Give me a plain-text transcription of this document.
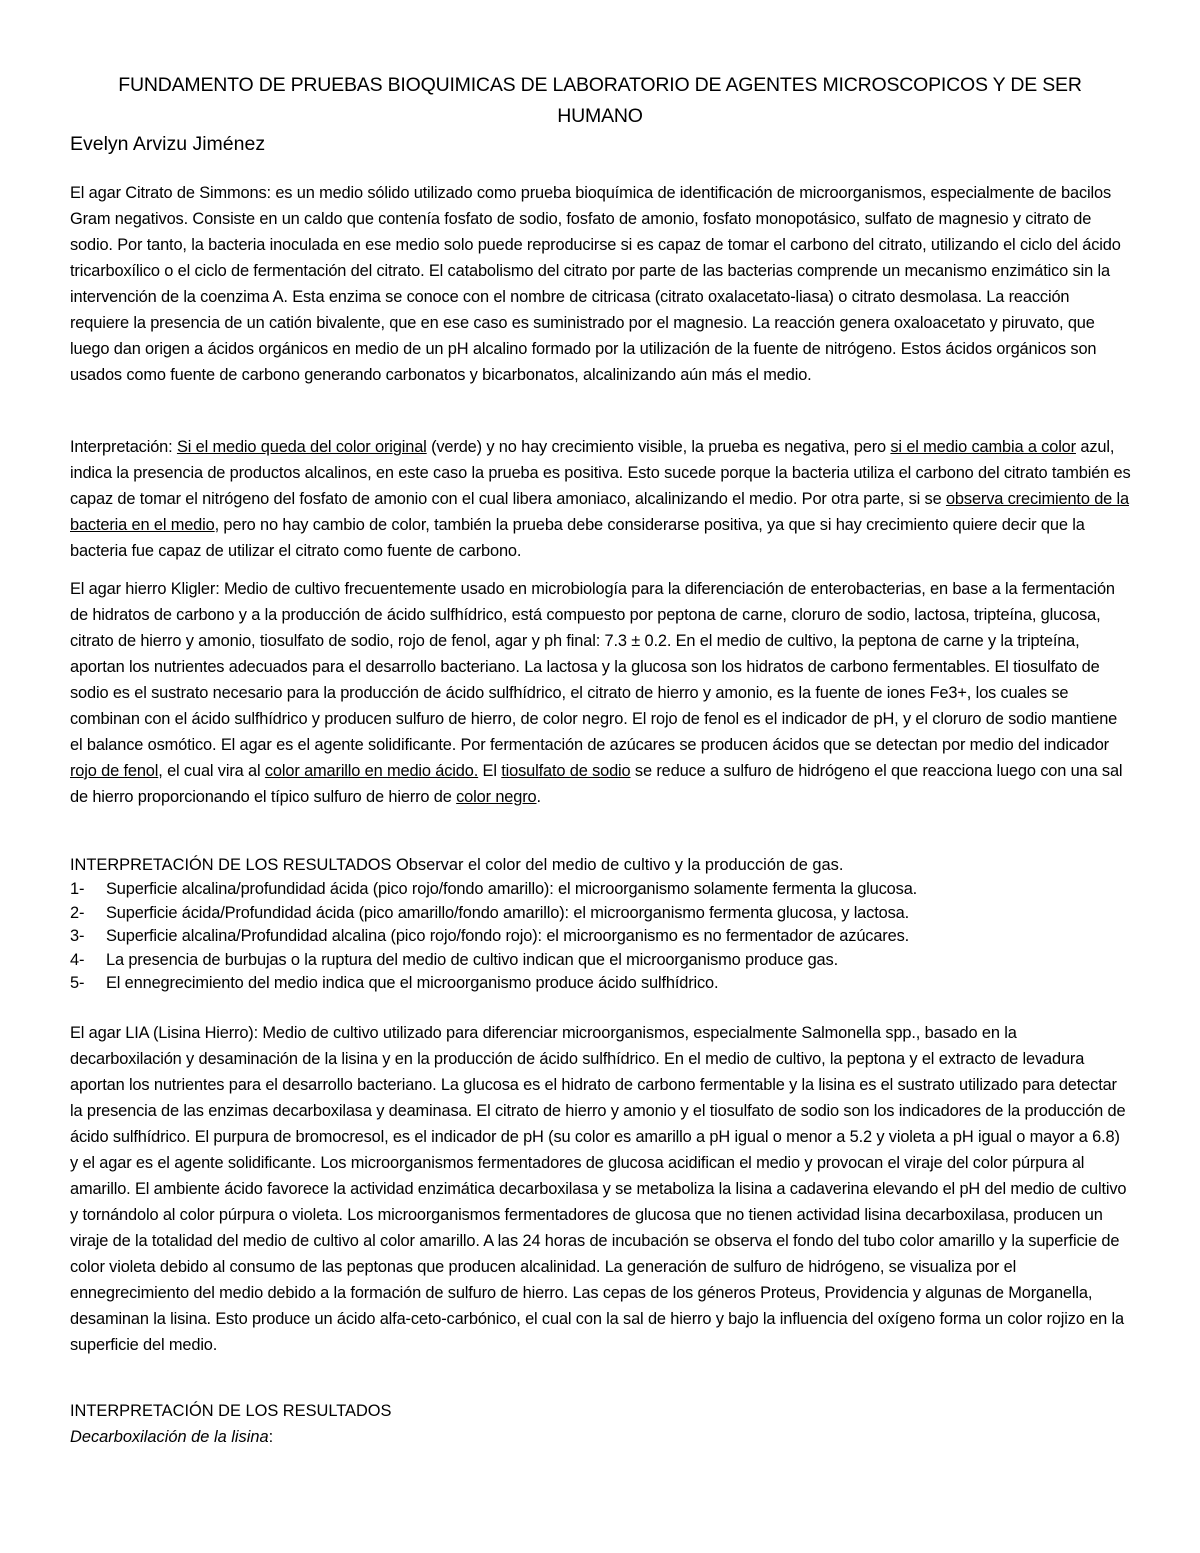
FUNDAMENTO DE PRUEBAS BIOQUIMICAS DE LABORATORIO DE AGENTES MICROSCOPICOS Y DE SER HUMANO
Evelyn Arvizu Jiménez

El agar Citrato de Simmons: es un medio sólido utilizado como prueba bioquímica de identificación de microorganismos, especialmente de bacilos Gram negativos. Consiste en un caldo que contenía fosfato de sodio, fosfato de amonio, fosfato monopotásico, sulfato de magnesio y citrato de sodio. Por tanto, la bacteria inoculada en ese medio solo puede reproducirse si es capaz de tomar el carbono del citrato, utilizando el ciclo del ácido tricarboxílico o el ciclo de fermentación del citrato. El catabolismo del citrato por parte de las bacterias comprende un mecanismo enzimático sin la intervención de la coenzima A. Esta enzima se conoce con el nombre de citricasa (citrato oxalacetato-liasa) o citrato desmolasa. La reacción requiere la presencia de un catión bivalente, que en ese caso es suministrado por el magnesio. La reacción genera oxaloacetato y piruvato, que luego dan origen a ácidos orgánicos en medio de un pH alcalino formado por la utilización de la fuente de nitrógeno. Estos ácidos orgánicos son usados como fuente de carbono generando carbonatos y bicarbonatos, alcalinizando aún más el medio.

Interpretación: Si el medio queda del color original (verde) y no hay crecimiento visible, la prueba es negativa, pero si el medio cambia a color azul, indica la presencia de productos alcalinos, en este caso la prueba es positiva. Esto sucede porque la bacteria utiliza el carbono del citrato también es capaz de tomar el nitrógeno del fosfato de amonio con el cual libera amoniaco, alcalinizando el medio. Por otra parte, si se observa crecimiento de la bacteria en el medio, pero no hay cambio de color, también la prueba debe considerarse positiva, ya que si hay crecimiento quiere decir que la bacteria fue capaz de utilizar el citrato como fuente de carbono.

El agar hierro Kligler: Medio de cultivo frecuentemente usado en microbiología para la diferenciación de enterobacterias, en base a la fermentación de hidratos de carbono y a la producción de ácido sulfhídrico, está compuesto por peptona de carne, cloruro de sodio, lactosa, tripteína, glucosa, citrato de hierro y amonio, tiosulfato de sodio, rojo de fenol, agar y ph final: 7.3 ± 0.2. En el medio de cultivo, la peptona de carne y la tripteína, aportan los nutrientes adecuados para el desarrollo bacteriano. La lactosa y la glucosa son los hidratos de carbono fermentables. El tiosulfato de sodio es el sustrato necesario para la producción de ácido sulfhídrico, el citrato de hierro y amonio, es la fuente de iones Fe3+, los cuales se combinan con el ácido sulfhídrico y producen sulfuro de hierro, de color negro. El rojo de fenol es el indicador de pH, y el cloruro de sodio mantiene el balance osmótico. El agar es el agente solidificante. Por fermentación de azúcares se producen ácidos que se detectan por medio del indicador rojo de fenol, el cual vira al color amarillo en medio ácido. El tiosulfato de sodio se reduce a sulfuro de hidrógeno el que reacciona luego con una sal de hierro proporcionando el típico sulfuro de hierro de color negro.

INTERPRETACIÓN DE LOS RESULTADOS Observar el color del medio de cultivo y la producción de gas.
1-	Superficie alcalina/profundidad ácida (pico rojo/fondo amarillo): el microorganismo solamente fermenta la glucosa.
2-	Superficie ácida/Profundidad ácida (pico amarillo/fondo amarillo): el microorganismo fermenta glucosa, y lactosa.
3-	Superficie alcalina/Profundidad alcalina (pico rojo/fondo rojo): el microorganismo es no fermentador de azúcares.
4-	La presencia de burbujas o la ruptura del medio de cultivo indican que el microorganismo produce gas.
5-	El ennegrecimiento del medio indica que el microorganismo produce ácido sulfhídrico.

El agar LIA (Lisina Hierro): Medio de cultivo utilizado para diferenciar microorganismos, especialmente Salmonella spp., basado en la decarboxilación y desaminación de la lisina y en la producción de ácido sulfhídrico. En el medio de cultivo, la peptona y el extracto de levadura aportan los nutrientes para el desarrollo bacteriano. La glucosa es el hidrato de carbono fermentable y la lisina es el sustrato utilizado para detectar la presencia de las enzimas decarboxilasa y deaminasa. El citrato de hierro y amonio y el tiosulfato de sodio son los indicadores de la producción de ácido sulfhídrico. El purpura de bromocresol, es el indicador de pH (su color es amarillo a pH igual o menor a 5.2 y violeta a pH igual o mayor a 6.8) y el agar es el agente solidificante. Los microorganismos fermentadores de glucosa acidifican el medio y provocan el viraje del color púrpura al amarillo. El ambiente ácido favorece la actividad enzimática decarboxilasa y se metaboliza la lisina a cadaverina elevando el pH del medio de cultivo y tornándolo al color púrpura o violeta. Los microorganismos fermentadores de glucosa que no tienen actividad lisina decarboxilasa, producen un viraje de la totalidad del medio de cultivo al color amarillo. A las 24 horas de incubación se observa el fondo del tubo color amarillo y la superficie de color violeta debido al consumo de las peptonas que producen alcalinidad. La generación de sulfuro de hidrógeno, se visualiza por el ennegrecimiento del medio debido a la formación de sulfuro de hierro. Las cepas de los géneros Proteus, Providencia y algunas de Morganella, desaminan la lisina. Esto produce un ácido alfa-ceto-carbónico, el cual con la sal de hierro y bajo la influencia del oxígeno forma un color rojizo en la superficie del medio.

INTERPRETACIÓN DE LOS RESULTADOS
Decarboxilación de la lisina:
